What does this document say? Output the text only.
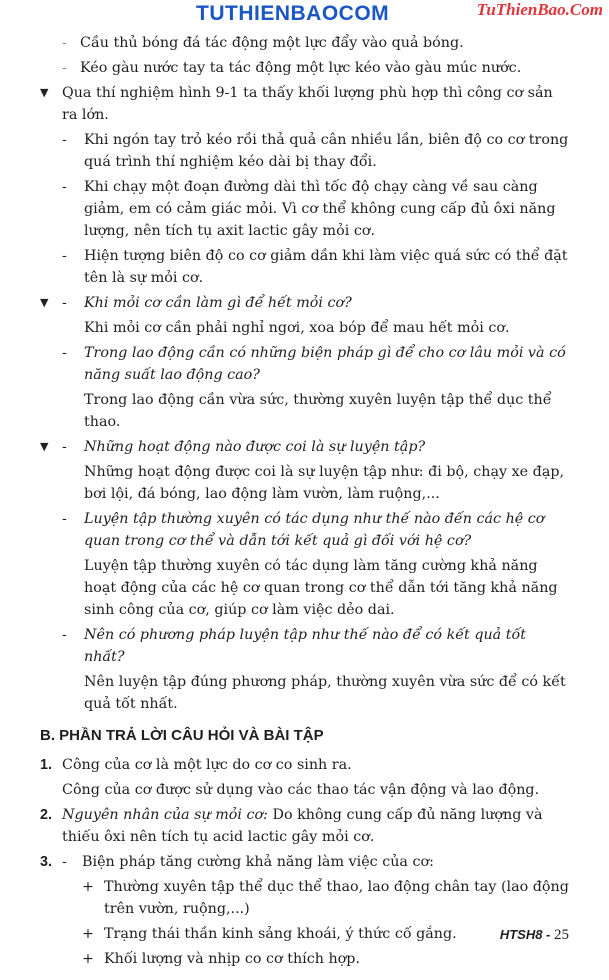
TUTHIENBAOCOM	TuThienBao.Com
- Cầu thủ bóng đá tác động một lực đẩy vào quả bóng.
- Kéo gàu nước tay ta tác động một lực kéo vào gàu múc nước.
▼ Qua thí nghiệm hình 9-1 ta thấy khối lượng phù hợp thì công cơ sản ra lớn.
- Khi ngón tay trỏ kéo rồi thả quả cân nhiều lần, biên độ co cơ trong quá trình thí nghiệm kéo dài bị thay đổi.
- Khi chạy một đoạn đường dài thì tốc độ chạy càng về sau càng giảm, em có cảm giác mỏi. Vì cơ thể không cung cấp đủ ôxi năng lượng, nên tích tụ axit lactic gây mỏi cơ.
- Hiện tượng biên độ co cơ giảm dần khi làm việc quá sức có thể đặt tên là sự mỏi cơ.
▼ - Khi mỏi cơ cần làm gì để hết mỏi cơ?
Khi mỏi cơ cần phải nghỉ ngơi, xoa bóp để mau hết mỏi cơ.
- Trong lao động cần có những biện pháp gì để cho cơ lâu mỏi và có năng suất lao động cao?
Trong lao động cần vừa sức, thường xuyên luyện tập thể dục thể thao.
▼ - Những hoạt động nào được coi là sự luyện tập?
Những hoạt động được coi là sự luyện tập như: đi bộ, chạy xe đạp, bơi lội, đá bóng, lao động làm vườn, làm ruộng,...
- Luyện tập thường xuyên có tác dụng như thế nào đến các hệ cơ quan trong cơ thể và dẫn tới kết quả gì đối với hệ cơ?
Luyện tập thường xuyên có tác dụng làm tăng cường khả năng hoạt động của các hệ cơ quan trong cơ thể dẫn tới tăng khả năng sinh công của cơ, giúp cơ làm việc dẻo dai.
- Nên có phương pháp luyện tập như thế nào để có kết quả tốt nhất?
Nên luyện tập đúng phương pháp, thường xuyên vừa sức để có kết quả tốt nhất.
B. PHẦN TRẢ LỜI CÂU HỎI VÀ BÀI TẬP
1. Công của cơ là một lực do cơ co sinh ra.
Công của cơ được sử dụng vào các thao tác vận động và lao động.
2. Nguyên nhân của sự mỏi cơ: Do không cung cấp đủ năng lượng và thiếu ôxi nên tích tụ acid lactic gây mỏi cơ.
3. - Biện pháp tăng cường khả năng làm việc của cơ:
+ Thường xuyên tập thể dục thể thao, lao động chân tay (lao động trên vườn, ruộng,...)
+ Trạng thái thần kinh sảng khoái, ý thức cố gắng.
+ Khối lượng và nhịp co cơ thích hợp.
HTSH8 - 25
